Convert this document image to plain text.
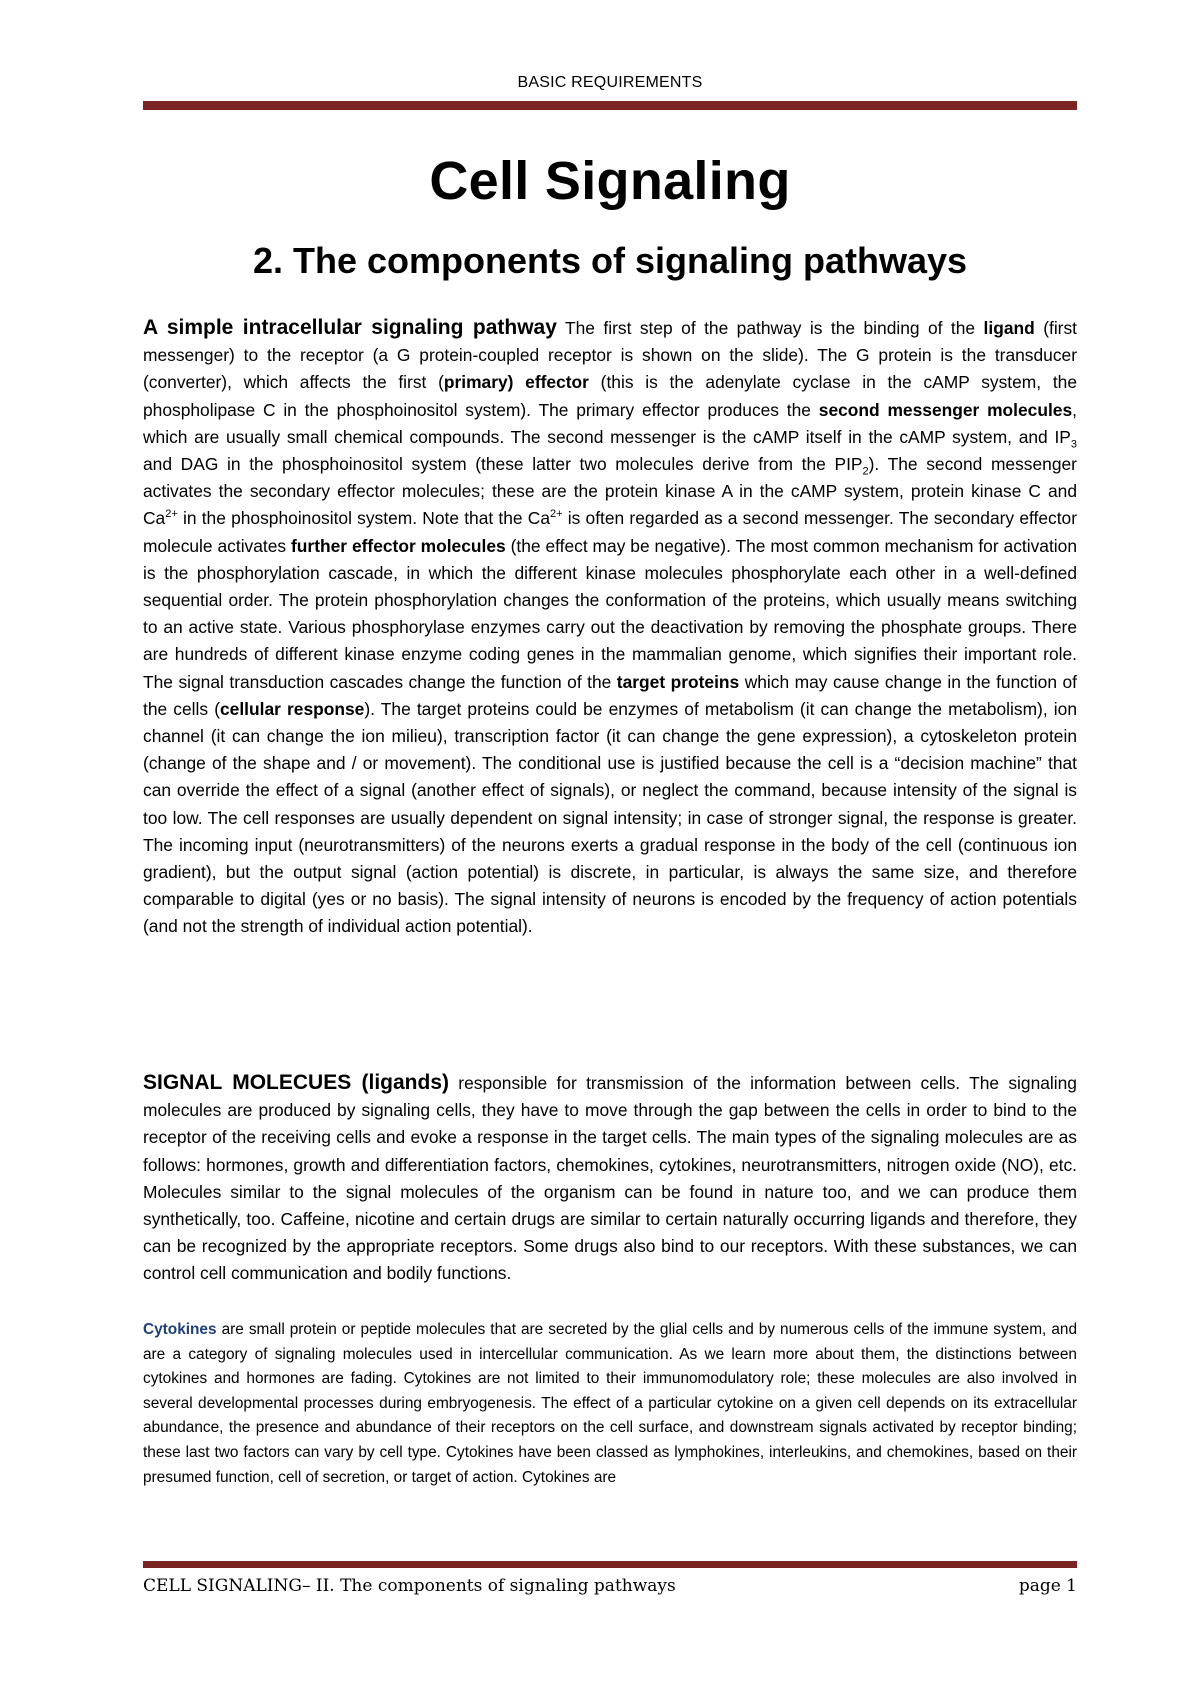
BASIC REQUIREMENTS
Cell Signaling
2. The components of signaling pathways

A simple intracellular signaling pathway The first step of the pathway is the binding of the ligand (first messenger) to the receptor (a G protein-coupled receptor is shown on the slide). The G protein is the transducer (converter), which affects the first (primary) effector (this is the adenylate cyclase in the cAMP system, the phospholipase C in the phosphoinositol system). The primary effector produces the second messenger molecules, which are usually small chemical compounds. The second messenger is the cAMP itself in the cAMP system, and $IP_3$ and DAG in the phosphoinositol system (these latter two molecules derive from the $PIP_2$). The second messenger activates the secondary effector molecules; these are the protein kinase A in the cAMP system, protein kinase C and $Ca^{2+}$ in the phosphoinositol system. Note that the $Ca^{2+}$ is often regarded as a second messenger. The secondary effector molecule activates further effector molecules (the effect may be negative). The most common mechanism for activation is the phosphorylation cascade, in which the different kinase molecules phosphorylate each other in a well-defined sequential order. The protein phosphorylation changes the conformation of the proteins, which usually means switching to an active state. Various phosphorylase enzymes carry out the deactivation by removing the phosphate groups. There are hundreds of different kinase enzyme coding genes in the mammalian genome, which signifies their important role. The signal transduction cascades change the function of the target proteins which may cause change in the function of the cells (cellular response). The target proteins could be enzymes of metabolism (it can change the metabolism), ion channel (it can change the ion milieu), transcription factor (it can change the gene expression), a cytoskeleton protein (change of the shape and / or movement). The conditional use is justified because the cell is a “decision machine” that can override the effect of a signal (another effect of signals), or neglect the command, because intensity of the signal is too low. The cell responses are usually dependent on signal intensity; in case of stronger signal, the response is greater. The incoming input (neurotransmitters) of the neurons exerts a gradual response in the body of the cell (continuous ion gradient), but the output signal (action potential) is discrete, in particular, is always the same size, and therefore comparable to digital (yes or no basis). The signal intensity of neurons is encoded by the frequency of action potentials (and not the strength of individual action potential).

SIGNAL MOLECUES (ligands) responsible for transmission of the information between cells. The signaling molecules are produced by signaling cells, they have to move through the gap between the cells in order to bind to the receptor of the receiving cells and evoke a response in the target cells. The main types of the signaling molecules are as follows: hormones, growth and differentiation factors, chemokines, cytokines, neurotransmitters, nitrogen oxide (NO), etc. Molecules similar to the signal molecules of the organism can be found in nature too, and we can produce them synthetically, too. Caffeine, nicotine and certain drugs are similar to certain naturally occurring ligands and therefore, they can be recognized by the appropriate receptors. Some drugs also bind to our receptors. With these substances, we can control cell communication and bodily functions.

Cytokines are small protein or peptide molecules that are secreted by the glial cells and by numerous cells of the immune system, and are a category of signaling molecules used in intercellular communication. As we learn more about them, the distinctions between cytokines and hormones are fading. Cytokines are not limited to their immunomodulatory role; these molecules are also involved in several developmental processes during embryogenesis. The effect of a particular cytokine on a given cell depends on its extracellular abundance, the presence and abundance of their receptors on the cell surface, and downstream signals activated by receptor binding; these last two factors can vary by cell type. Cytokines have been classed as lymphokines, interleukins, and chemokines, based on their presumed function, cell of secretion, or target of action. Cytokines are

CELL SIGNALING– II. The components of signaling pathways	page 1
